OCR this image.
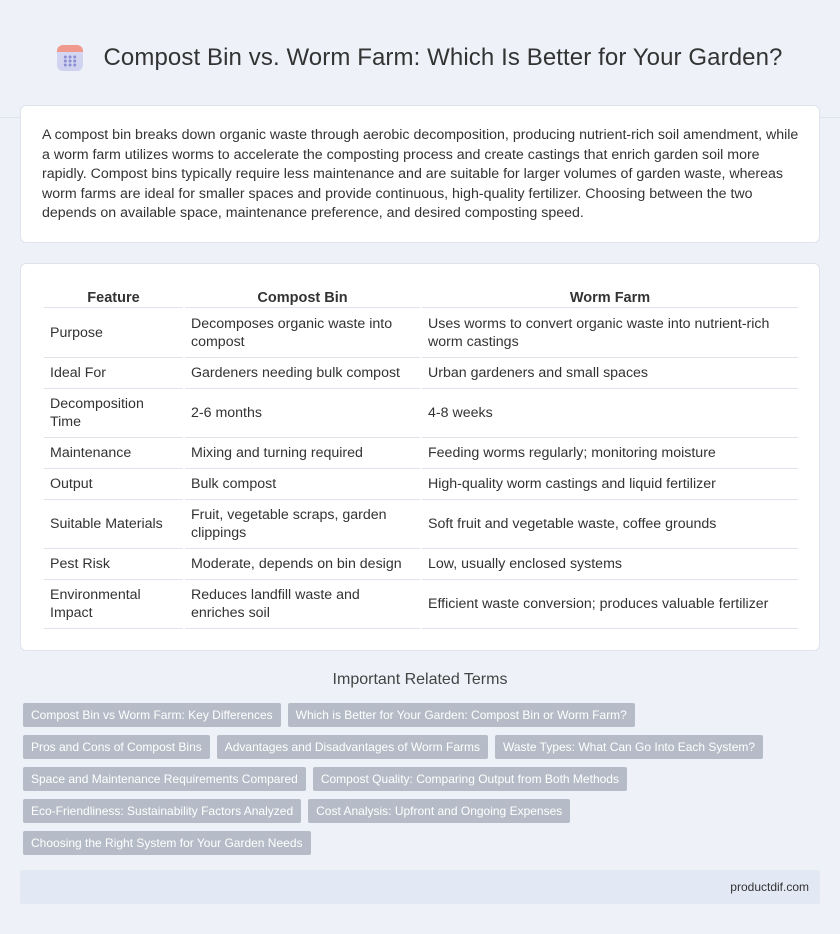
Compost Bin vs. Worm Farm: Which Is Better for Your Garden?

A compost bin breaks down organic waste through aerobic decomposition, producing nutrient-rich soil amendment, while a worm farm utilizes worms to accelerate the composting process and create castings that enrich garden soil more rapidly. Compost bins typically require less maintenance and are suitable for larger volumes of garden waste, whereas worm farms are ideal for smaller spaces and provide continuous, high-quality fertilizer. Choosing between the two depends on available space, maintenance preference, and desired composting speed.

Feature	Compost Bin	Worm Farm
Purpose	Decomposes organic waste into compost	Uses worms to convert organic waste into nutrient-rich worm castings
Ideal For	Gardeners needing bulk compost	Urban gardeners and small spaces
Decomposition Time	2-6 months	4-8 weeks
Maintenance	Mixing and turning required	Feeding worms regularly; monitoring moisture
Output	Bulk compost	High-quality worm castings and liquid fertilizer
Suitable Materials	Fruit, vegetable scraps, garden clippings	Soft fruit and vegetable waste, coffee grounds
Pest Risk	Moderate, depends on bin design	Low, usually enclosed systems
Environmental Impact	Reduces landfill waste and enriches soil	Efficient waste conversion; produces valuable fertilizer
Important Related Terms
Compost Bin vs Worm Farm: Key Differences	Which is Better for Your Garden: Compost Bin or Worm Farm?
Pros and Cons of Compost Bins	Advantages and Disadvantages of Worm Farms	Waste Types: What Can Go Into Each System?
Space and Maintenance Requirements Compared	Compost Quality: Comparing Output from Both Methods
Eco-Friendliness: Sustainability Factors Analyzed	Cost Analysis: Upfront and Ongoing Expenses
Choosing the Right System for Your Garden Needs
productdif.com
